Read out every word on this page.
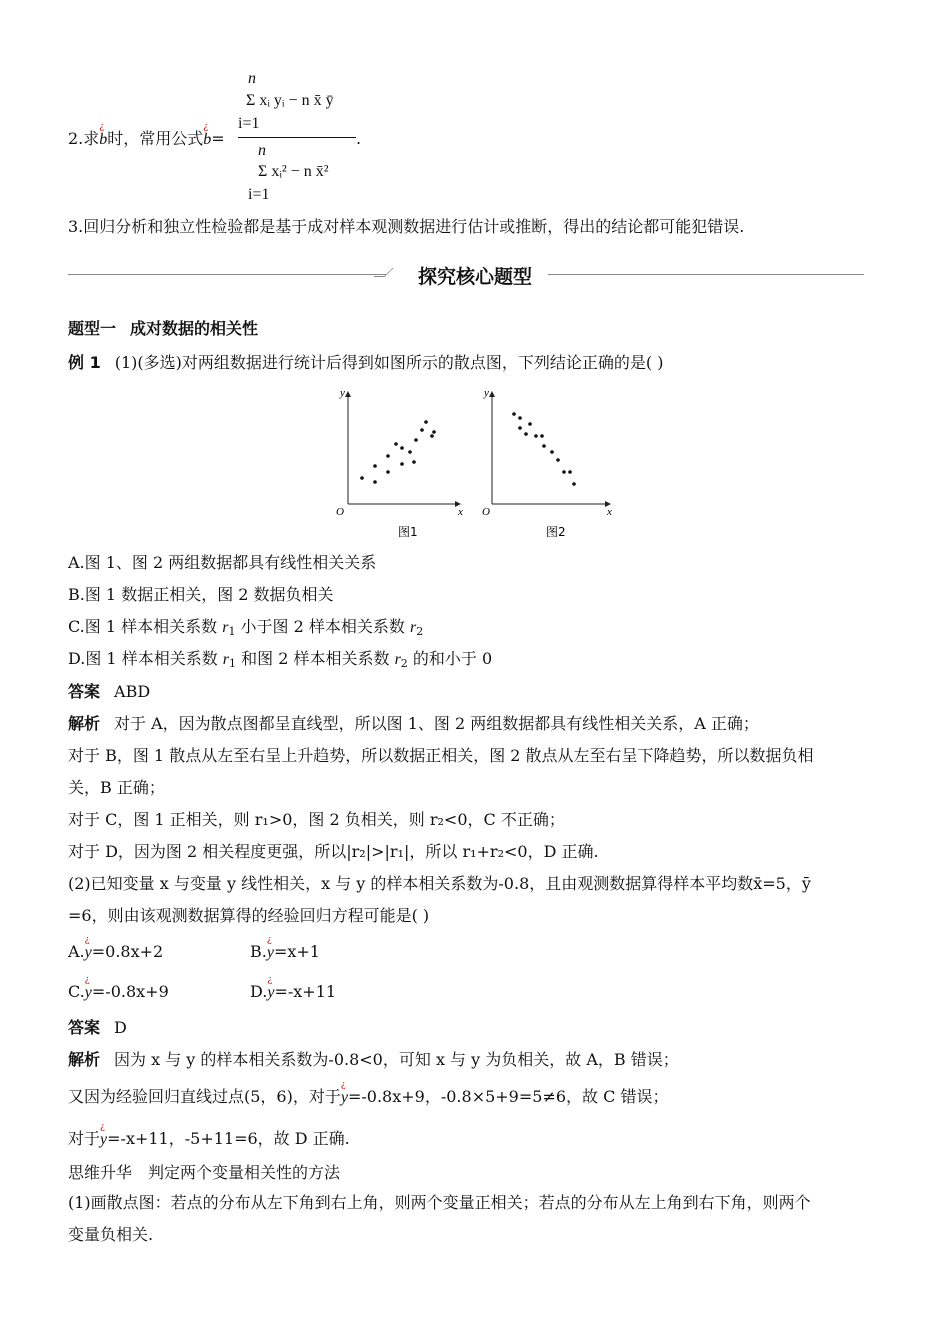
n
Σ xᵢ yᵢ − n x̄ ȳ
i=1
n
Σ xᵢ² − n x̄²
i=1
2.求
¿
b时，常用公式
¿
b=	.
3.回归分析和独立性检验都是基于成对样本观测数据进行估计或推断，得出的结论都可能犯错误.
探究核心题型
题型一 成对数据的相关性
例 1 (1)(多选)对两组数据进行统计后得到如图所示的散点图，下列结论正确的是( )
y
x
O
图1
y
x
O
图2
A.图 1、图 2 两组数据都具有线性相关关系
B.图 1 数据正相关，图 2 数据负相关
C.图 1 样本相关系数 $r_1$ 小于图 2 样本相关系数 $r_2$
D.图 1 样本相关系数 $r_1$ 和图 2 样本相关系数 $r_2$ 的和小于 0
答案 ABD
解析 对于 A，因为散点图都呈直线型，所以图 1、图 2 两组数据都具有线性相关关系，A 正确；
对于 B，图 1 散点从左至右呈上升趋势，所以数据正相关，图 2 散点从左至右呈下降趋势，所以数据负相
关，B 正确；
对于 C，图 1 正相关，则 r₁>0，图 2 负相关，则 r₂<0，C 不正确；
对于 D，因为图 2 相关程度更强，所以|r₂|>|r₁|，所以 r₁+r₂<0，D 正确.
(2)已知变量 x 与变量 y 线性相关，x 与 y 的样本相关系数为-0.8，且由观测数据算得样本平均数x̄=5，ȳ
=6，则由该观测数据算得的经验回归方程可能是( )
A.
¿
y=0.8x+2	B.
¿
y=x+1
C.
¿
y=-0.8x+9	D.
¿
y=-x+11
答案 D
解析 因为 x 与 y 的样本相关系数为-0.8<0，可知 x 与 y 为负相关，故 A，B 错误；
又因为经验回归直线过点(5，6)，对于
¿
y=-0.8x+9，-0.8×5+9=5≠6，故 C 错误；
对于
¿
y=-x+11，-5+11=6，故 D 正确.
思维升华　判定两个变量相关性的方法
(1)画散点图：若点的分布从左下角到右上角，则两个变量正相关；若点的分布从左上角到右下角，则两个
变量负相关.
